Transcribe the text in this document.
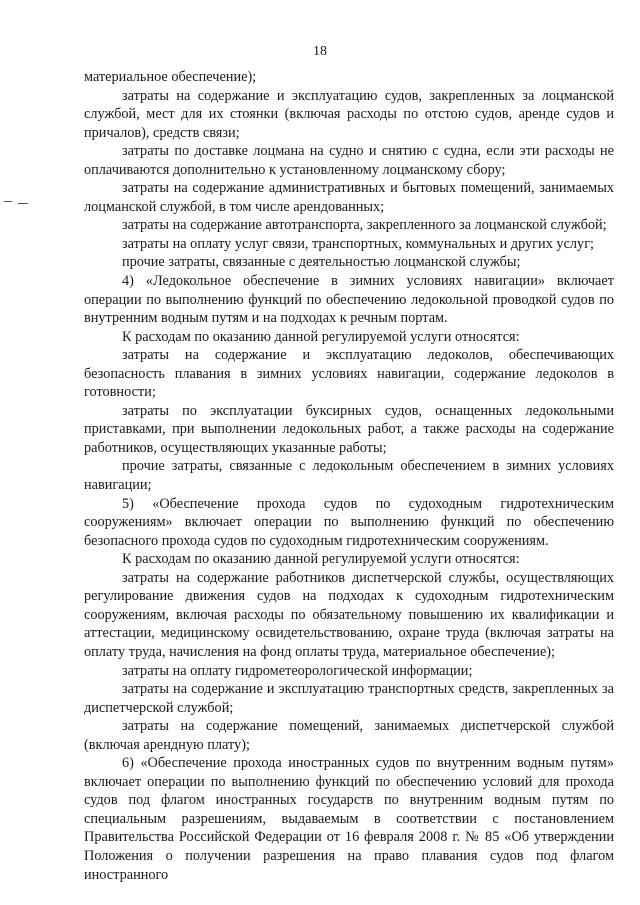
18

материальное обеспечение);

затраты на содержание и эксплуатацию судов, закрепленных за лоцманской службой, мест для их стоянки (включая расходы по отстою судов, аренде судов и причалов), средств связи;

затраты по доставке лоцмана на судно и снятию с судна, если эти расходы не оплачиваются дополнительно к установленному лоцманскому сбору;

затраты на содержание административных и бытовых помещений, занимаемых лоцманской службой, в том числе арендованных;

затраты на содержание автотранспорта, закрепленного за лоцманской службой;

затраты на оплату услуг связи, транспортных, коммунальных и других услуг;

прочие затраты, связанные с деятельностью лоцманской службы;

4) «Ледокольное обеспечение в зимних условиях навигации» включает операции по выполнению функций по обеспечению ледокольной проводкой судов по внутренним водным путям и на подходах к речным портам.

К расходам по оказанию данной регулируемой услуги относятся:

затраты на содержание и эксплуатацию ледоколов, обеспечивающих безопасность плавания в зимних условиях навигации, содержание ледоколов в готовности;

затраты по эксплуатации буксирных судов, оснащенных ледокольными приставками, при выполнении ледокольных работ, а также расходы на содержание работников, осуществляющих указанные работы;

прочие затраты, связанные с ледокольным обеспечением в зимних условиях навигации;

5) «Обеспечение прохода судов по судоходным гидротехническим сооружениям» включает операции по выполнению функций по обеспечению безопасного прохода судов по судоходным гидротехническим сооружениям.

К расходам по оказанию данной регулируемой услуги относятся:

затраты на содержание работников диспетчерской службы, осуществляющих регулирование движения судов на подходах к судоходным гидротехническим сооружениям, включая расходы по обязательному повышению их квалификации и аттестации, медицинскому освидетельствованию, охране труда (включая затраты на оплату труда, начисления на фонд оплаты труда, материальное обеспечение);

затраты на оплату гидрометеорологической информации;

затраты на содержание и эксплуатацию транспортных средств, закрепленных за диспетчерской службой;

затраты на содержание помещений, занимаемых диспетчерской службой (включая арендную плату);

6) «Обеспечение прохода иностранных судов по внутренним водным путям» включает операции по выполнению функций по обеспечению условий для прохода судов под флагом иностранных государств по внутренним водным путям по специальным разрешениям, выдаваемым в соответствии с постановлением Правительства Российской Федерации от 16 февраля 2008 г. № 85 «Об утверждении Положения о получении разрешения на право плавания судов под флагом иностранного
